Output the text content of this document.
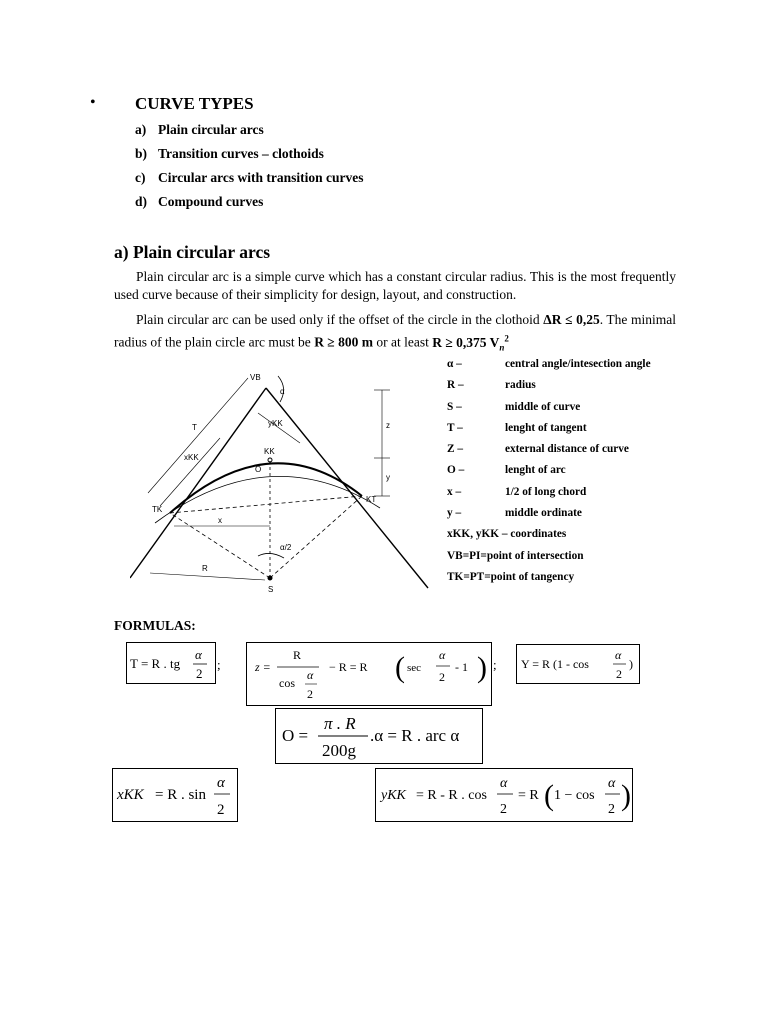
• CURVE TYPES
a) Plain circular arcs
b) Transition curves – clothoids
c) Circular arcs with transition curves
d) Compound curves
a) Plain circular arcs
Plain circular arc is a simple curve which has a constant circular radius. This is the most frequently used curve because of their simplicity for design, layout, and construction.
Plain circular arc can be used only if the offset of the circle in the clothoid ΔR ≤ 0,25. The minimal radius of the plain circle arc must be R ≥ 800 m or at least R ≥ 0,375 $V_n^2$
VB
α
T
xKK
yKK
KK
O
z
y
TK
KT
x
R
S
α/2
α –	central angle/intesection angle
R –	radius
S –	middle of curve
T –	lenght of tangent
Z –	external distance of curve
O –	lenght of arc
x –	1/2 of long chord
y –	middle ordinate
xKK, yKK – coordinates
VB=PI=point of intersection
TK=PT=point of tangency
FORMULAS:
T = R . tg
α
2
;	z =
R
cos
α
2
− R = R ( sec
α
2
- 1 ) ; Y = R (1 - cos
α
2
)
O =
π . R
200g
.α = R . arc α
xKK = R . sin
α
2
yKK = R - R . cos
α
2
= R ( 1 − cos
α
2 )
